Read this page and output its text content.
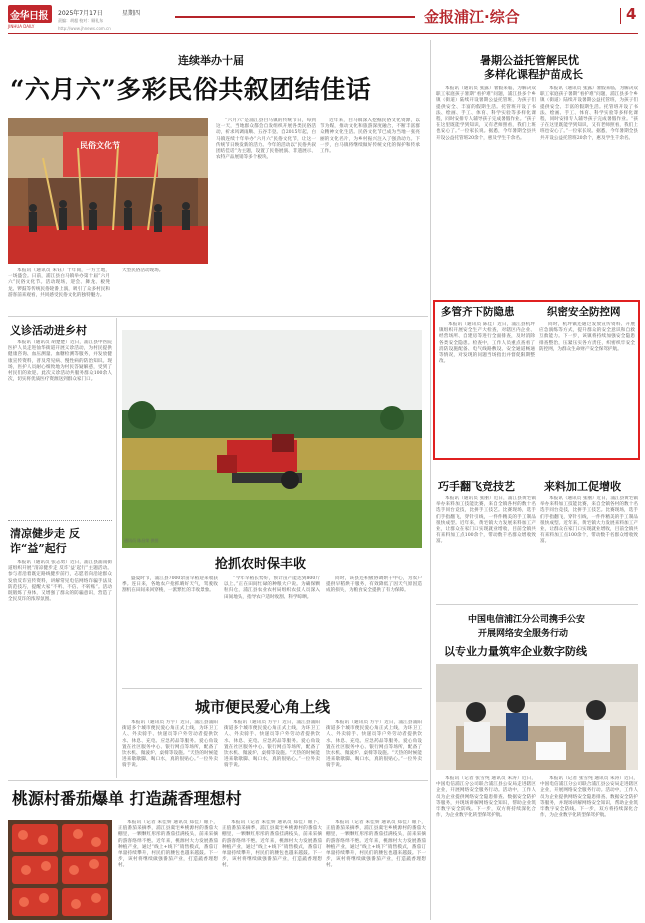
金华日报
JINHUA DAILY
2025年7月17日	星期四
责编：胡超 校对：顾礼东
http://www.jhnews.com.cn
金报浦江·综合	4
连续举办十届
“六月六”多彩民俗共叙团结佳话
民俗文化节

本报讯（通讯员 朱钰）十年间，一方土地，一场盛会。日前，浦江县白马镇举办第十届“六月六”民俗文化节。活动现场，迎会、舞龙、板凳龙、锣鼓等传统民俗轮番上演，吸引了众多村民和游客前来观看，共同感受民俗文化的独特魅力。

大型民俗活动现场。

“六月六”是浦江县白马镇的传统节日，每到这一天，当地群众都会自发组织开展各类民俗活动，祈求风调雨顺、五谷丰登。自2015年起，白马镇连续十年举办“六月六”民俗文化节，让这一传统节日焕发新的活力。今年的活动以“民俗共叙团结佳话”为主题，设置了民俗展演、非遗展示、农特产品展销等多个板块。

近年来，白马镇深入挖掘民俗文化资源，以节为媒，推动文化和旅游深度融合，不断丰富群众精神文化生活。民俗文化节已成为当地一张亮丽的文化名片，为乡村振兴注入了强劲动力。下一步，白马镇将继续做好传统文化的保护和传承工作。

暑期公益托管解民忧
多样化课程护苗成长

本报讯（通讯员 张露）暑假来临，为解决双职工家庭孩子暑期“看护难”问题，浦江县多个乡镇（街道）陆续开设暑期公益托管班，为孩子们提供安全、丰富的假期生活。托管班开设了书法、绘画、手工、体育、科学实验等多样化课程，同时安排专人辅导孩子完成暑假作业。“孩子在这里既能学到知识，又有老师照看，我们上班也安心了。”一位家长说。据悉，今年暑期全县共开设公益托管班20余个，惠及学生千余名。

本报讯（通讯员 张露）暑假来临，为解决双职工家庭孩子暑期“看护难”问题，浦江县多个乡镇（街道）陆续开设暑期公益托管班，为孩子们提供安全、丰富的假期生活。托管班开设了书法、绘画、手工、体育、科学实验等多样化课程，同时安排专人辅导孩子完成暑假作业。“孩子在这里既能学到知识，又有老师照看，我们上班也安心了。”一位家长说。据悉，今年暑期全县共开设公益托管班20余个，惠及学生千余名。

多管齐下防隐患	织密安全防控网

本报讯（通讯员 陈佳）近日，浦江县杭坪镇组织开展安全生产大检查，对辖区内企业、经营场所、自建房等进行全面排查，及时消除各类安全隐患。检查中，工作人员重点查看了消防设施配备、电气线路敷设、安全通道畅通等情况，对发现的问题当场指出并督促限期整改。

同时，杭坪镇还通过发放宣传资料、开展应急演练等方式，提升群众的安全意识和自救互救能力。下一步，该镇将持续加强安全隐患排查整治，压紧压实各方责任，织密织牢安全防控网，为群众生命财产安全保驾护航。

义诊活动进乡村

本报讯（通讯员 胡楚楚）近日，浦江县中医院医护人员走进仙华街道开展义诊活动，为村民提供健康咨询、血压测量、血糖检测等服务，并发放健康宣传资料，普及常见病、慢性病的防治知识。现场，医护人员耐心细致地为村民答疑解惑，受到了村民们的欢迎。此次义诊活动共服务群众100余人次，切实将优质医疗资源送到群众家门口。

清凉健步走 反诈“益”起行

本报讯（通讯员 张志勇）近日，浦江县浦南街道组织开展“清凉健步走 反诈‘益’起行”主题活动。参与者沿着既定路线健步前行，志愿者向沿途群众发放反诈宣传资料，讲解常见电信网络诈骗手法及防范技巧，提醒大家“不听、不信、不转账”。活动既锻炼了身体，又增强了群众的防骗意识，营造了全民反诈的浓厚氛围。

通讯员 陈昌荣 供图
抢抓农时保丰收

盛夏时节，浦江县7000余亩早稻迎来收获季。连日来，各地农户抢抓晴好天气，驾驶收割机在田间来回穿梭，一派繁忙的丰收景象。

“今年早稻长势好，预计亩产能达到800斤以上。”正在田间忙碌的种粮大户说。为确保颗粒归仓，浦江县农业农村局组织农技人员深入田间地头，指导农户适时收割、科学晾晒。

同时，该县还积极协调烘干中心，为农户提供早稻烘干服务，有效降低了因天气原因造成的损失，为粮食安全提供了有力保障。

巧手翻飞竞技艺	来料加工促增收

本报讯（通讯员 张丽）近日，浦江县黄宅镇举办来料加工技能比赛，来自全镇各村的数十名选手同台竞技，比拼手工技艺。比赛现场，选手们手指翻飞，穿针引线，一件件精美的手工制品很快成型。近年来，黄宅镇大力发展来料加工产业，让群众在家门口实现就业增收，目前全镇共有来料加工点100余个，带动数千名群众增收致富。

本报讯（通讯员 张丽）近日，浦江县黄宅镇举办来料加工技能比赛，来自全镇各村的数十名选手同台竞技，比拼手工技艺。比赛现场，选手们手指翻飞，穿针引线，一件件精美的手工制品很快成型。近年来，黄宅镇大力发展来料加工产业，让群众在家门口实现就业增收，目前全镇共有来料加工点100余个，带动数千名群众增收致富。

中国电信浦江分公司携手公安
开展网络安全服务行动
以专业力量筑牢企业数字防线

本报讯（记者 张雪纯 通讯员 朱涛）近日，中国电信浦江分公司联合浦江县公安局走进辖区企业，开展网络安全服务行动。活动中，工作人员为企业提供网络安全隐患排查、数据安全防护等服务，并现场讲解网络安全知识，帮助企业筑牢数字安全防线。下一步，双方将持续深化合作，为企业数字化转型保驾护航。

本报讯（记者 张雪纯 通讯员 朱涛）近日，中国电信浦江分公司联合浦江县公安局走进辖区企业，开展网络安全服务行动。活动中，工作人员为企业提供网络安全隐患排查、数据安全防护等服务，并现场讲解网络安全知识，帮助企业筑牢数字安全防线。下一步，双方将持续深化合作，为企业数字化转型保驾护航。

城市便民爱心角上线

本报讯（通讯员 方宇）近日，浦江县浦阳街道多个城市便民爱心角正式上线，为环卫工人、外卖骑手、快递员等户外劳动者提供饮水、休息、充电、应急药品等服务。爱心角设置在社区服务中心、银行网点等场所，配备了饮水机、微波炉、桌椅等设施。“天热的时候能进来歇歇脚、喝口水，真的很贴心。”一位外卖骑手说。

本报讯（通讯员 方宇）近日，浦江县浦阳街道多个城市便民爱心角正式上线，为环卫工人、外卖骑手、快递员等户外劳动者提供饮水、休息、充电、应急药品等服务。爱心角设置在社区服务中心、银行网点等场所，配备了饮水机、微波炉、桌椅等设施。“天热的时候能进来歇歇脚、喝口水，真的很贴心。”一位外卖骑手说。

本报讯（通讯员 方宇）近日，浦江县浦阳街道多个城市便民爱心角正式上线，为环卫工人、外卖骑手、快递员等户外劳动者提供饮水、休息、充电、应急药品等服务。爱心角设置在社区服务中心、银行网点等场所，配备了饮水机、微波炉、桌椅等设施。“天热的时候能进来歇歇脚、喝口水，真的很贴心。”一位外卖骑手说。

桃源村番茄爆单 打造蔬香理想村

本报讯（记者 朱佳妍 通讯员 郑佳）眼下，正值番茄采摘季，浦江县虞宅乡桃源村的番茄大棚里，一颗颗红彤彤的番茄挂满枝头，前来采摘的游客络绎不绝。近年来，桃源村大力发展番茄种植产业，通过“线上+线下”销售模式，番茄订单量持续攀升，村民们的腰包也越来越鼓。下一步，该村将继续做强番茄产业，打造蔬香理想村。

本报讯（记者 朱佳妍 通讯员 郑佳）眼下，正值番茄采摘季，浦江县虞宅乡桃源村的番茄大棚里，一颗颗红彤彤的番茄挂满枝头，前来采摘的游客络绎不绝。近年来，桃源村大力发展番茄种植产业，通过“线上+线下”销售模式，番茄订单量持续攀升，村民们的腰包也越来越鼓。下一步，该村将继续做强番茄产业，打造蔬香理想村。

本报讯（记者 朱佳妍 通讯员 郑佳）眼下，正值番茄采摘季，浦江县虞宅乡桃源村的番茄大棚里，一颗颗红彤彤的番茄挂满枝头，前来采摘的游客络绎不绝。近年来，桃源村大力发展番茄种植产业，通过“线上+线下”销售模式，番茄订单量持续攀升，村民们的腰包也越来越鼓。下一步，该村将继续做强番茄产业，打造蔬香理想村。
